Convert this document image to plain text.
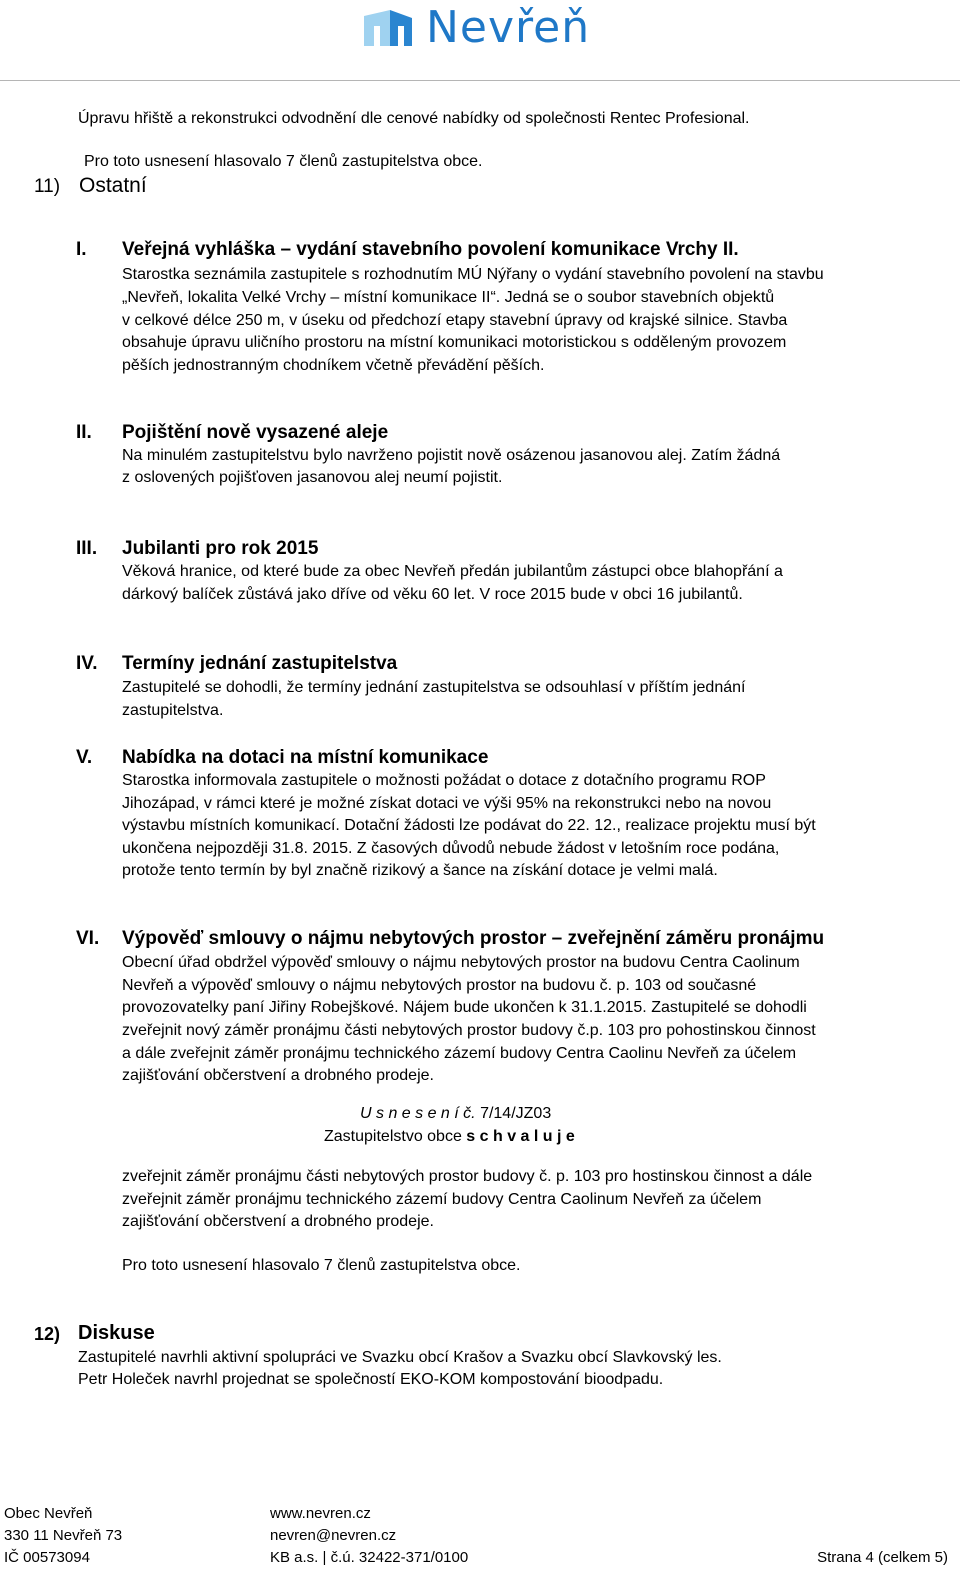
Nevřeň
Úpravu hřiště a rekonstrukci odvodnění dle cenové nabídky od společnosti Rentec Profesional.
Pro toto usnesení hlasovalo 7 členů zastupitelstva obce.
11) Ostatní
I. Veřejná vyhláška – vydání stavebního povolení komunikace Vrchy II.
Starostka seznámila zastupitele s rozhodnutím MÚ Nýřany o vydání stavebního povolení na stavbu
„Nevřeň, lokalita Velké Vrchy – místní komunikace II“. Jedná se o soubor stavebních objektů
v celkové délce 250 m, v úseku od předchozí etapy stavební úpravy od krajské silnice. Stavba
obsahuje úpravu uličního prostoru na místní komunikaci motoristickou s odděleným provozem
pěších jednostranným chodníkem včetně převádění pěších.
II. Pojištění nově vysazené aleje
Na minulém zastupitelstvu bylo navrženo pojistit nově osázenou jasanovou alej. Zatím žádná
z oslovených pojišťoven jasanovou alej neumí pojistit.
III. Jubilanti pro rok 2015
Věková hranice, od které bude za obec Nevřeň předán jubilantům zástupci obce blahopřání a
dárkový balíček zůstává jako dříve od věku 60 let. V roce 2015 bude v obci 16 jubilantů.
IV. Termíny jednání zastupitelstva
Zastupitelé se dohodli, že termíny jednání zastupitelstva se odsouhlasí v příštím jednání
zastupitelstva.
V. Nabídka na dotaci na místní komunikace
Starostka informovala zastupitele o možnosti požádat o dotace z dotačního programu ROP
Jihozápad, v rámci které je možné získat dotaci ve výši 95% na rekonstrukci nebo na novou
výstavbu místních komunikací. Dotační žádosti lze podávat do 22. 12., realizace projektu musí být
ukončena nejpozději 31.8. 2015. Z časových důvodů nebude žádost v letošním roce podána,
protože tento termín by byl značně rizikový a šance na získání dotace je velmi malá.
VI. Výpověď smlouvy o nájmu nebytových prostor – zveřejnění záměru pronájmu
Obecní úřad obdržel výpověď smlouvy o nájmu nebytových prostor na budovu Centra Caolinum
Nevřeň a výpověď smlouvy o nájmu nebytových prostor na budovu č. p. 103 od současné
provozovatelky paní Jiřiny Robejškové. Nájem bude ukončen k 31.1.2015. Zastupitelé se dohodli
zveřejnit nový záměr pronájmu části nebytových prostor budovy č.p. 103 pro pohostinskou činnost
a dále zveřejnit záměr pronájmu technického zázemí budovy Centra Caolinu Nevřeň za účelem
zajišťování občerstvení a drobného prodeje.
U s n e s e n í č. 7/14/JZ03
Zastupitelstvo obce s c h v a l u j e
zveřejnit záměr pronájmu části nebytových prostor budovy č. p. 103 pro hostinskou činnost a dále
zveřejnit záměr pronájmu technického zázemí budovy Centra Caolinum Nevřeň za účelem
zajišťování občerstvení a drobného prodeje.
Pro toto usnesení hlasovalo 7 členů zastupitelstva obce.
12) Diskuse
Zastupitelé navrhli aktivní spolupráci ve Svazku obcí Krašov a Svazku obcí Slavkovský les.
Petr Holeček navrhl projednat se společností EKO-KOM kompostování bioodpadu.
Obec Nevřeň
330 11 Nevřeň 73
IČ 00573094
www.nevren.cz
nevren@nevren.cz
KB a.s. | č.ú. 32422-371/0100	Strana 4 (celkem 5)
